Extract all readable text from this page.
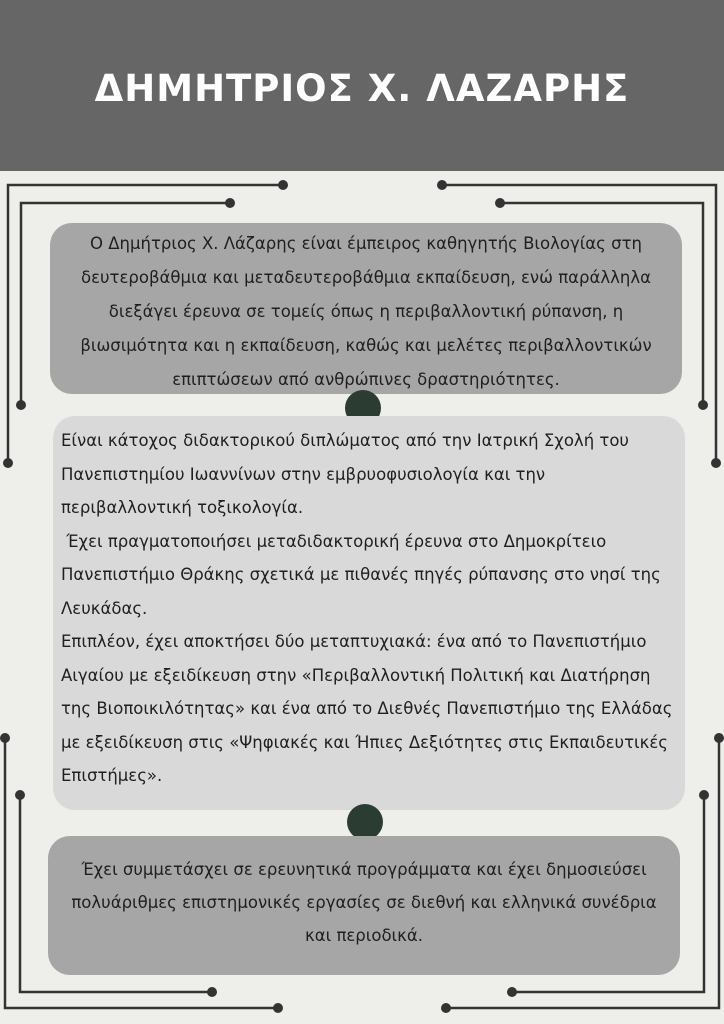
ΔΗΜΗΤΡΙΟΣ Χ. ΛΑΖΑΡΗΣ
Ο Δημήτριος Χ. Λάζαρης είναι έμπειρος καθηγητής Βιολογίας στη δευτεροβάθμια και μεταδευτεροβάθμια εκπαίδευση, ενώ παράλληλα διεξάγει έρευνα σε τομείς όπως η περιβαλλοντική ρύπανση, η βιωσιμότητα και η εκπαίδευση, καθώς και μελέτες περιβαλλοντικών επιπτώσεων από ανθρώπινες δραστηριότητες.

Είναι κάτοχος διδακτορικού διπλώματος από την Ιατρική Σχολή του Πανεπιστημίου Ιωαννίνων στην εμβρυοφυσιολογία και την περιβαλλοντική τοξικολογία.

Έχει πραγματοποιήσει μεταδιδακτορική έρευνα στο Δημοκρίτειο Πανεπιστήμιο Θράκης σχετικά με πιθανές πηγές ρύπανσης στο νησί της Λευκάδας.

Επιπλέον, έχει αποκτήσει δύο μεταπτυχιακά: ένα από το Πανεπιστήμιο Αιγαίου με εξειδίκευση στην «Περιβαλλοντική Πολιτική και Διατήρηση της Βιοποικιλότητας» και ένα από το Διεθνές Πανεπιστήμιο της Ελλάδας με εξειδίκευση στις «Ψηφιακές και Ήπιες Δεξιότητες στις Εκπαιδευτικές Επιστήμες».

Έχει συμμετάσχει σε ερευνητικά προγράμματα και έχει δημοσιεύσει πολυάριθμες επιστημονικές εργασίες σε διεθνή και ελληνικά συνέδρια και περιοδικά.
